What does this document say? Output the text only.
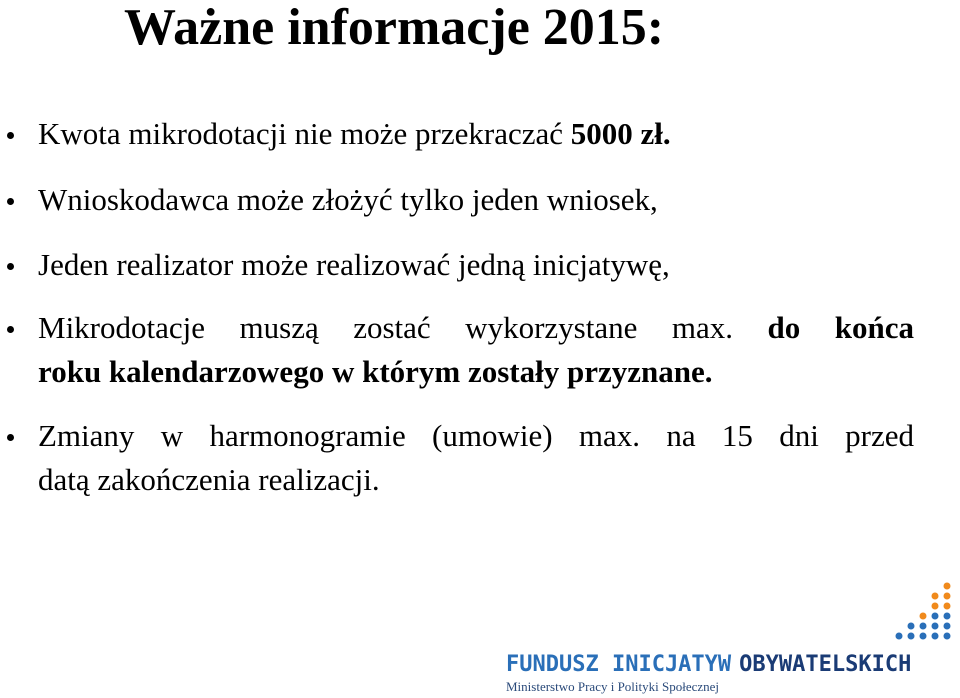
Ważne informacje 2015:
Kwota mikrodotacji nie może przekraczać 5000 zł.
Wnioskodawca może złożyć tylko jeden wniosek,
Jeden realizator może realizować jedną inicjatywę,
Mikrodotacje muszą zostać wykorzystane max. do końca
roku kalendarzowego w którym zostały przyznane.
Zmiany w harmonogramie (umowie) max. na 15 dni przed
datą zakończenia realizacji.
FUNDUSZ INICJATYW OBYWATELSKICH
Ministerstwo Pracy i Polityki Społecznej
